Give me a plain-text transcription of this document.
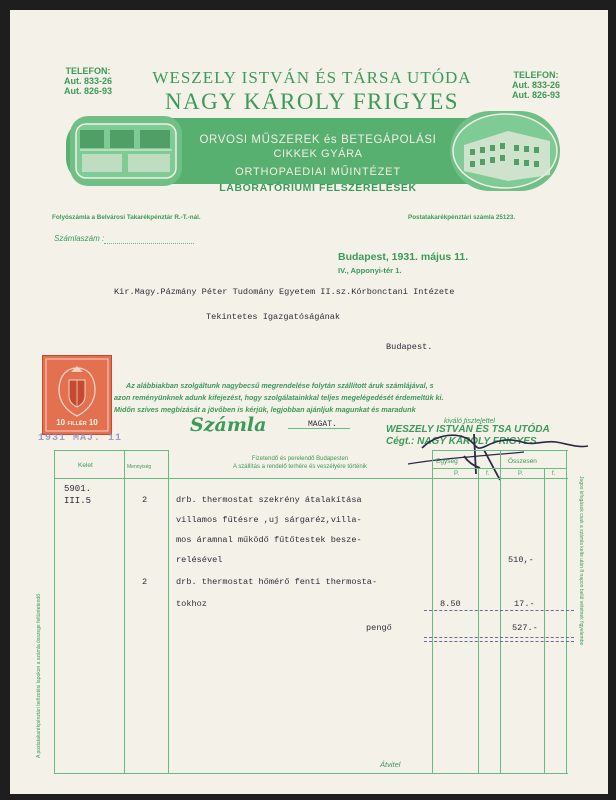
TELEFON:
Aut. 833-26
Aut. 826-93
TELEFON:
Aut. 833-26
Aut. 826-93
WESZELY ISTVÁN ÉS TÁRSA UTÓDA
NAGY KÁROLY FRIGYES
ORVOSI MŰSZEREK és BETEGÁPOLÁSI
CIKKEK GYÁRA
ORTHOPAEDIAI MŰINTÉZET
LABORATÓRIUMI FELSZERELÉSEK
Folyószámla a Belvárosi Takarékpénztár R.-T.-nál.	Postatakarékpénztári számla 25123.
Számlaszám :
Budapest, 1931. május 11.
IV., Apponyi-tér 1.
Kir.Magy.Pázmány Péter Tudomány Egyetem II.sz.Kórbonctani Intézete
Tekintetes Igazgatóságának
Budapest.
10 FILLÉR 10
1931 MÁJ. 11
Az alábbiakban szolgáltunk nagybecsű megrendelése folytán szállított áruk számlájával, s
azon reményünknek adunk kifejezést, hogy szolgálatainkkal teljes megelégedését érdemeltük ki.
Midőn szíves megbízását a jövőben is kérjük, legjobban ajánljuk magunkat és maradunk
kiváló tisztelettel
WESZELY ISTVÁN ÉS TSA UTÓDA
Cégt.: NAGY KÁROLY FRIGYES
Számla	MAGAT.
Fizetendő és perelendő Budapesten
A szállítás a rendelő terhére és veszélyére történik
A postatakarékpénztári befizetési lapokon a számla összege feltüntetendő
Jogos kifogások csak a számla kelte után 8 napon belül vétetnek figyelembe
Kelet	Mennyiség
Egység
P.	f.
Összesen
P.	f.
5901.
III.5	2	drb. thermostat szekrény átalakítása
villamos fűtésre ,uj sárgaréz,villa-
mos áramnal működő fűtőtestek besze-
relésével	510,-
2	drb. thermostat hőmérő fenti thermosta-
tokhoz	8.50	17.-
pengő	527.-
Átvitel
